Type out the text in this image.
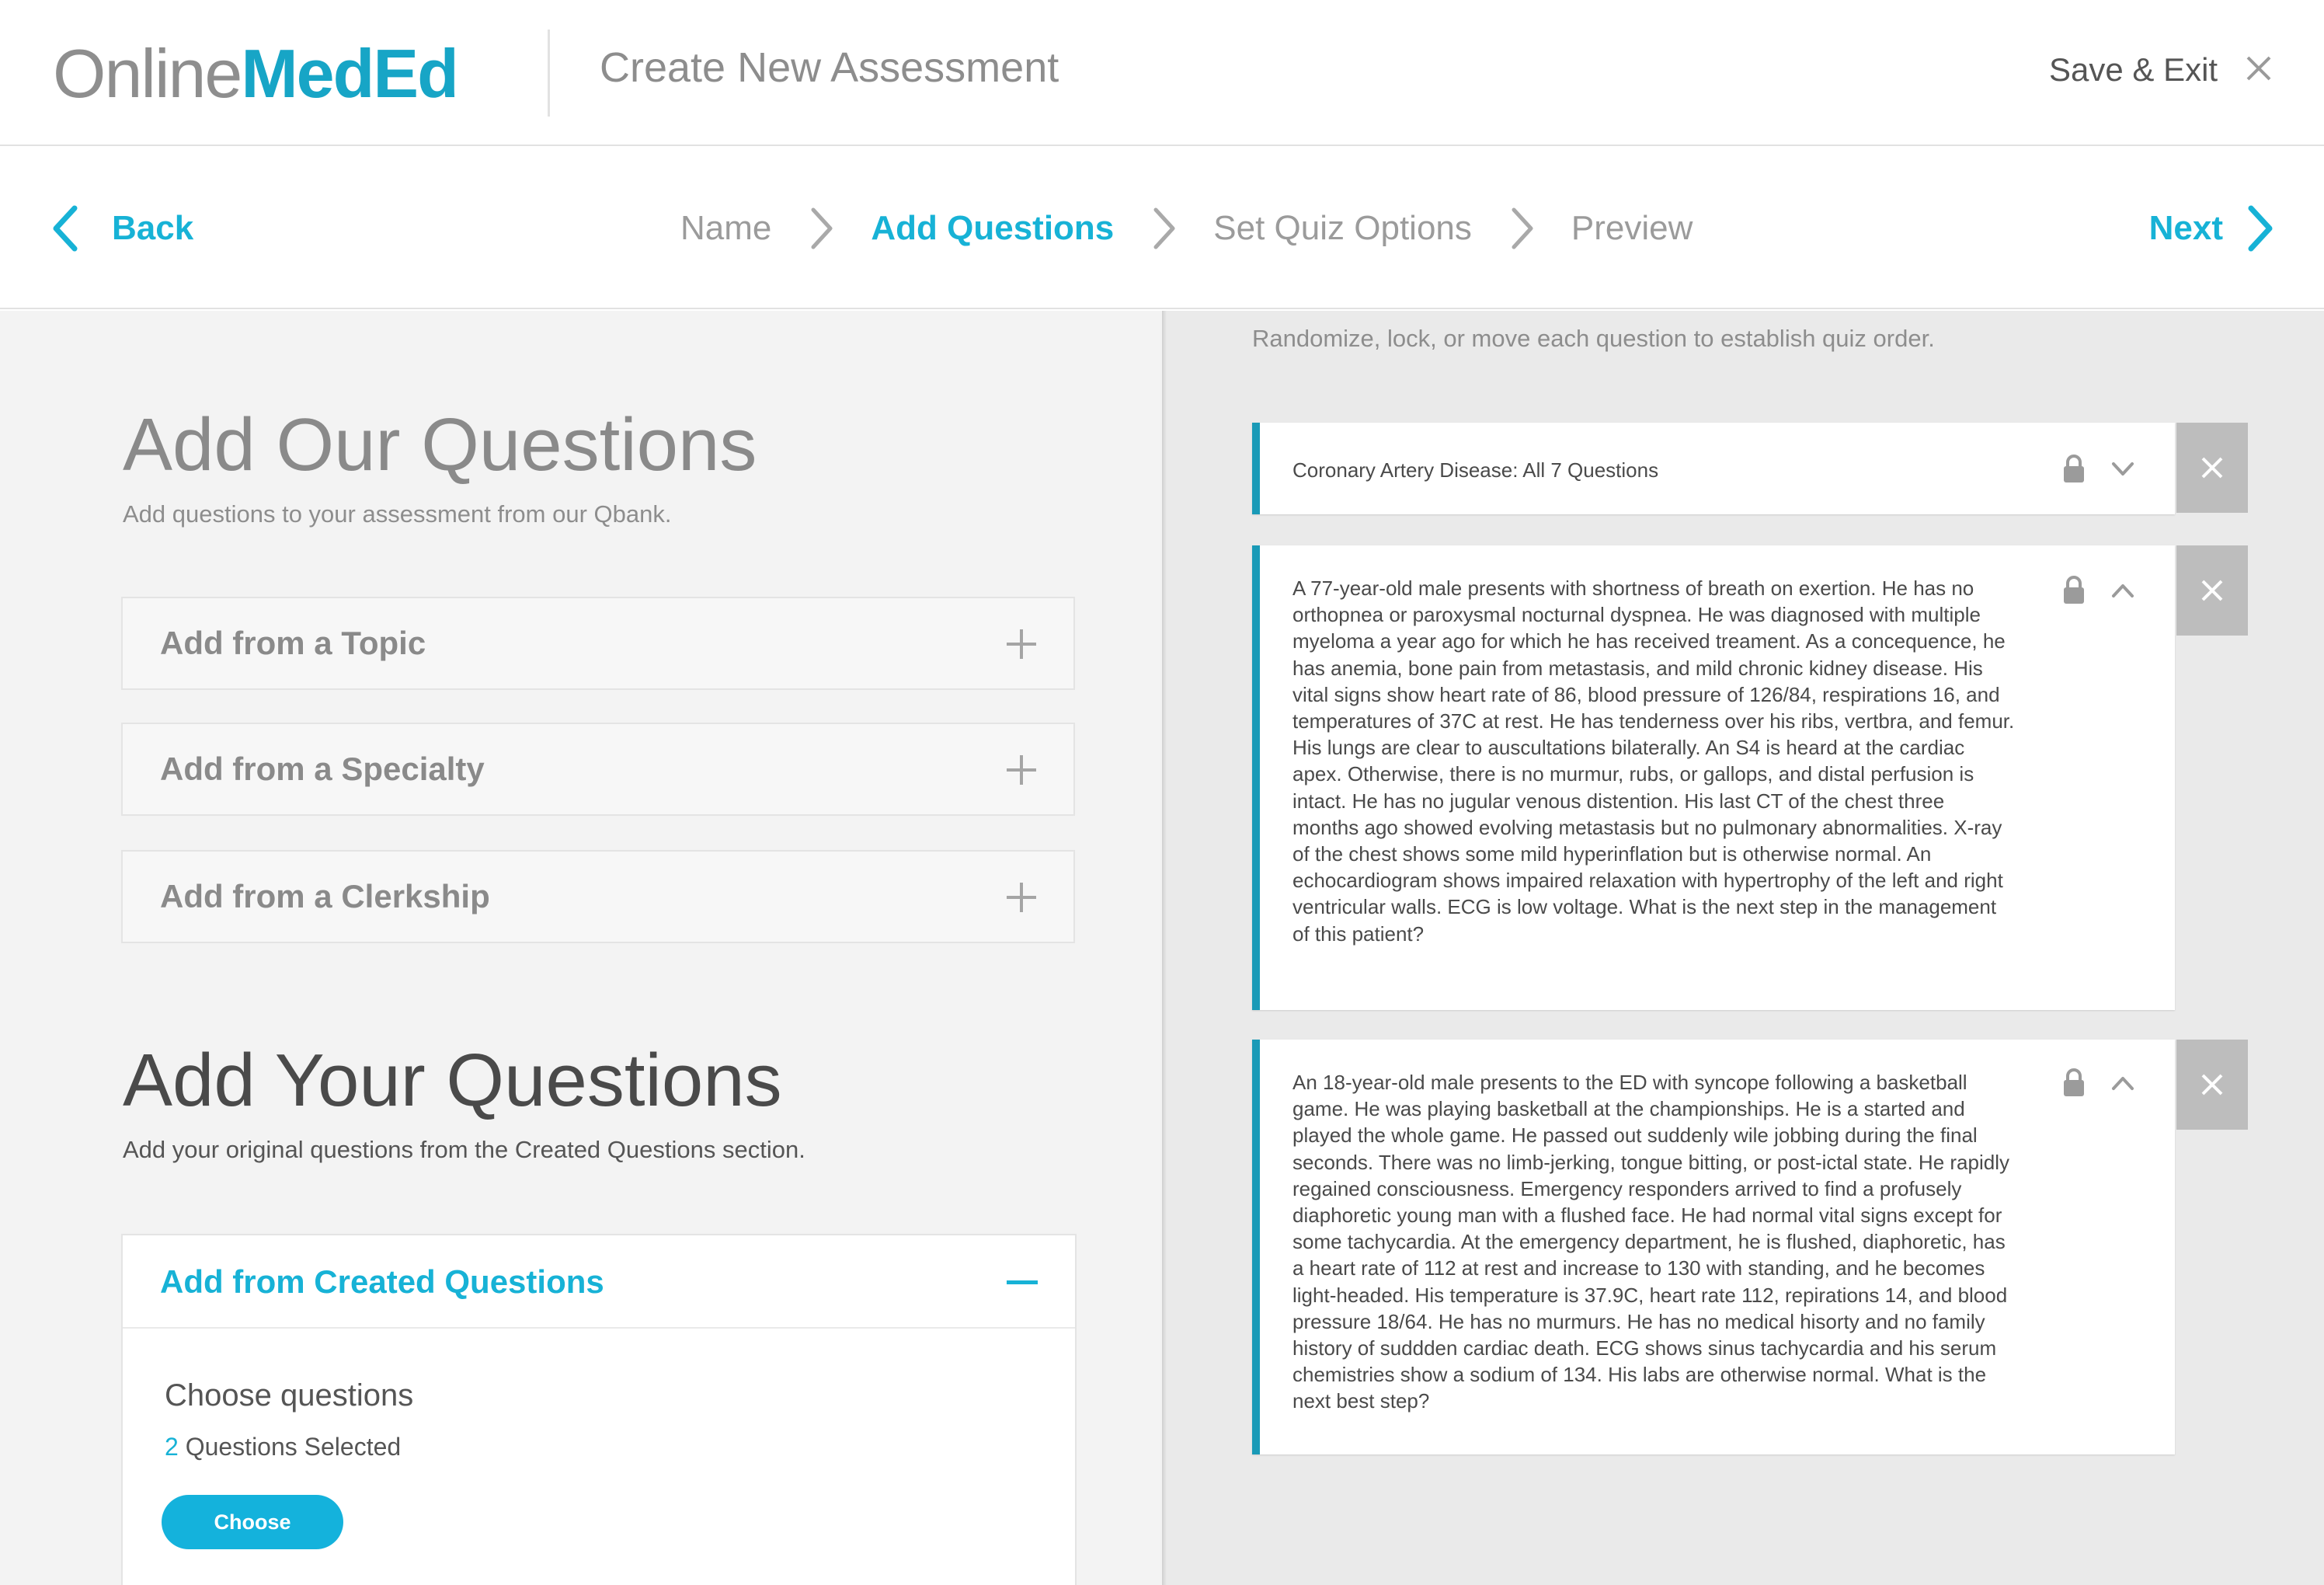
Online MedEd	Create New Assessment	Save & Exit
Back	Name	Add Questions	Set Quiz Options	Preview	Next
Add Our Questions
Add questions to your assessment from our Qbank.
Add from a Topic
Add from a Specialty
Add from a Clerkship
Add Your Questions
Add your original questions from the Created Questions section.
Add from Created Questions
Choose questions
2 Questions Selected
Choose
Randomize, lock, or move each question to establish quiz order.
Coronary Artery Disease: All 7 Questions
A 77-year-old male presents with shortness of breath on exertion. He has no orthopnea or paroxysmal nocturnal dyspnea. He was diagnosed with multiple myeloma a year ago for which he has received treament. As a concequence, he has anemia, bone pain from metastasis, and mild chronic kidney disease. His vital signs show heart rate of 86, blood pressure of 126/84, respirations 16, and temperatures of 37C at rest. He has tenderness over his ribs, vertbra, and femur. His lungs are clear to auscultations bilaterally. An S4 is heard at the cardiac apex. Otherwise, there is no murmur, rubs, or gallops, and distal perfusion is intact. He has no jugular venous distention. His last CT of the chest three months ago showed evolving metastasis but no pulmonary abnormalities. X-ray of the chest shows some mild hyperinflation but is otherwise normal. An echocardiogram shows impaired relaxation with hypertrophy of the left and right ventricular walls. ECG is low voltage. What is the next step in the management of this patient?
An 18-year-old male presents to the ED with syncope following a basketball game. He was playing basketball at the championships. He is a started and played the whole game. He passed out suddenly wile jobbing during the final seconds. There was no limb-jerking, tongue bitting, or post-ictal state. He rapidly regained consciousness. Emergency responders arrived to find a profusely diaphoretic young man with a flushed face. He had normal vital signs except for some tachycardia. At the emergency department, he is flushed, diaphoretic, has a heart rate of 112 at rest and increase to 130 with standing, and he becomes light-headed. His temperature is 37.9C, heart rate 112, repirations 14, and blood pressure 18/64. He has no murmurs. He has no medical hisorty and no family history of suddden cardiac death. ECG shows sinus tachycardia and his serum chemistries show a sodium of 134. His labs are otherwise normal. What is the next best step?
